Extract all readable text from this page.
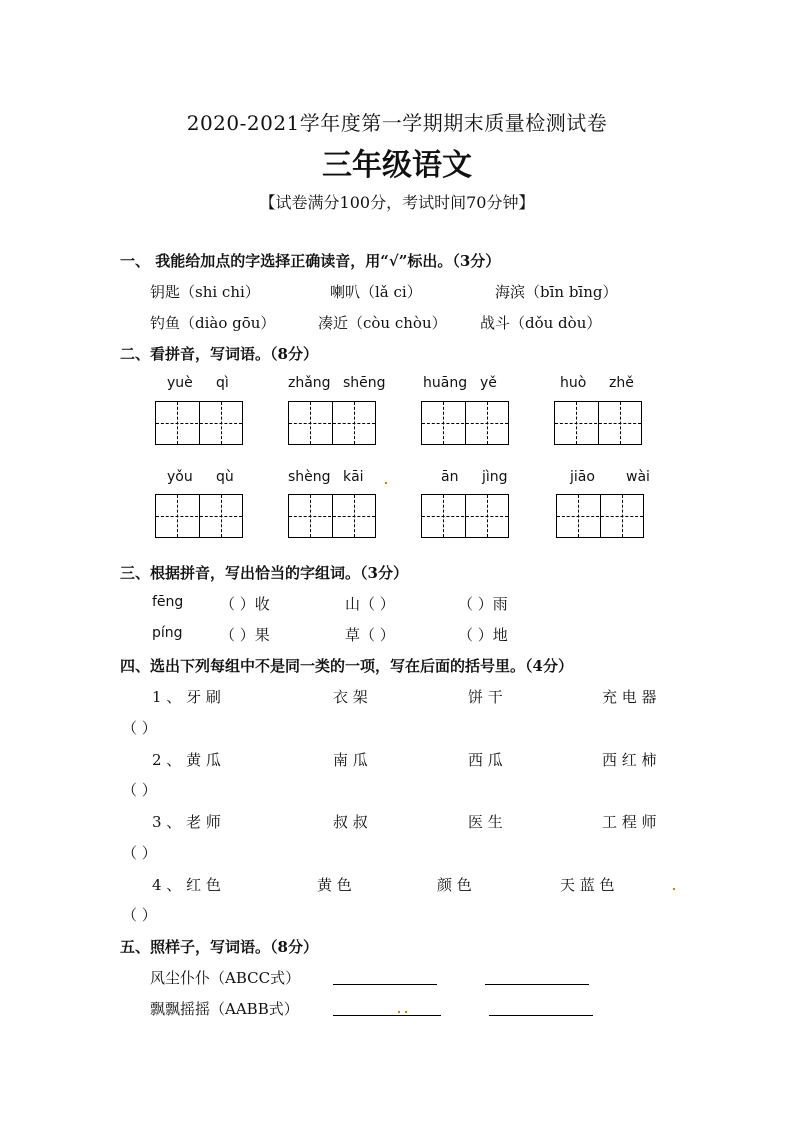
2020-2021学年度第一学期期末质量检测试卷
三年级语文
【试卷满分100分，考试时间70分钟】
一、 我能给加点的字选择正确读音，用“√”标出。（3分）
钥匙（shi chi）	喇叭（lǎ ci）	海滨（bīn bīng）
钓鱼（diào gōu）	凑近（còu chòu） 战斗（dǒu dòu）
二、看拼音，写词语。（8分）
yuè qì	zhǎng shēng	huāng yě	huò zhě
yǒu qù	shèng kāi	ān jìng	jiāo wài
三、根据拼音，写出恰当的字组词。（3分）
fēng （ ）收	山（ ）	（ ）雨
píng （ ）果	草（ ）	（ ）地
四、选出下列每组中不是同一类的一项，写在后面的括号里。（4分）
1 、 牙 刷	衣 架	饼 干	充 电 器
（ ）
2 、 黄 瓜	南 瓜	西 瓜	西 红 柿
（ ）
3 、 老 师	叔 叔	医 生	工 程 师
（ ）
4 、 红 色	黄 色	颜 色	天 蓝 色
（ ）
五、照样子，写词语。（8分）
风尘仆仆（ABCC式）
飘飘摇摇（AABB式）
